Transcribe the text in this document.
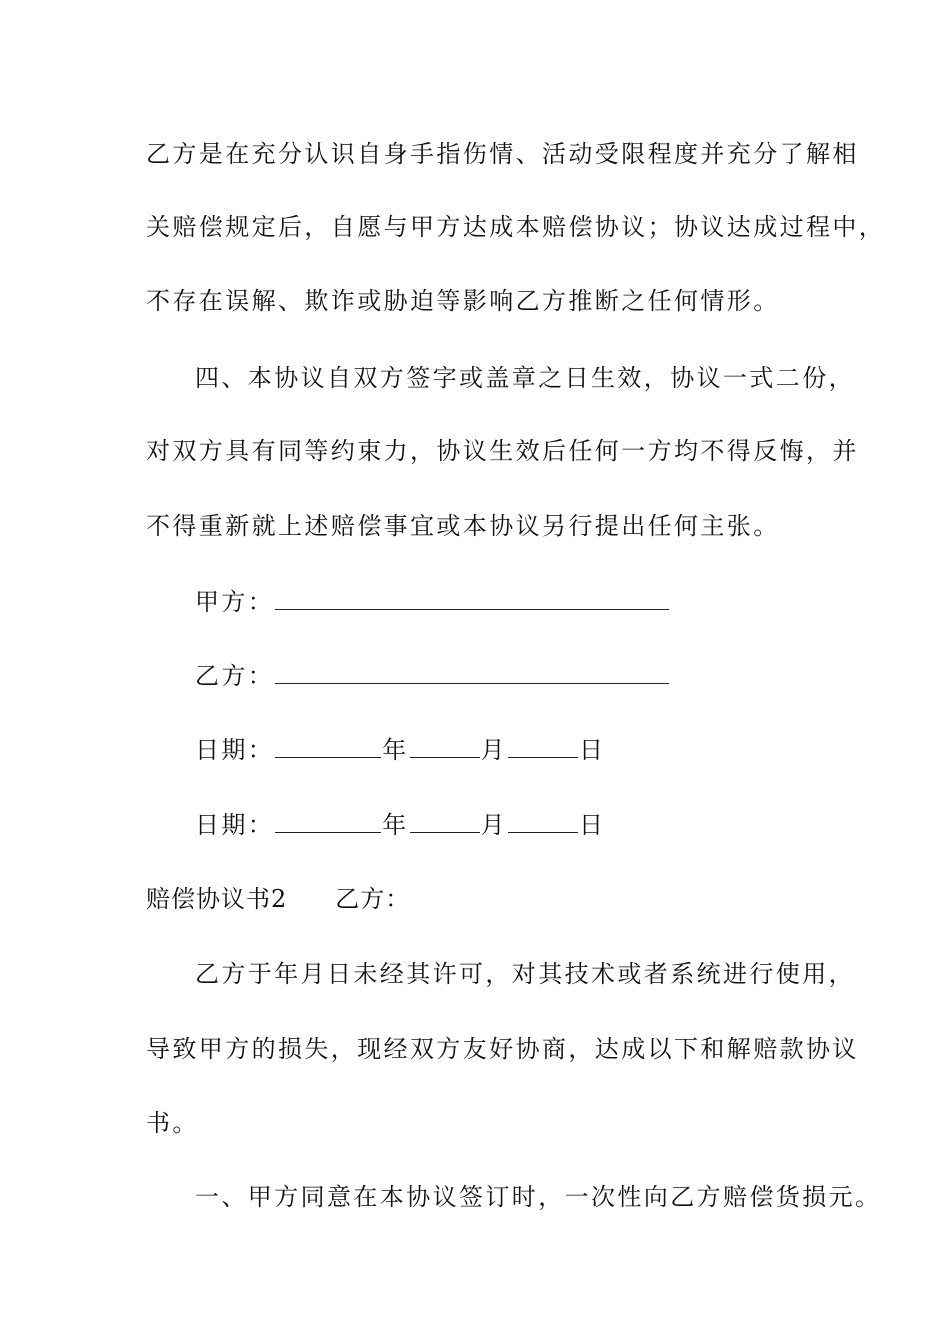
乙方是在充分认识自身手指伤情、活动受限程度并充分了解相
关赔偿规定后，自愿与甲方达成本赔偿协议；协议达成过程中，
不存在误解、欺诈或胁迫等影响乙方推断之任何情形。
四、本协议自双方签字或盖章之日生效，协议一式二份，
对双方具有同等约束力，协议生效后任何一方均不得反悔，并
不得重新就上述赔偿事宜或本协议另行提出任何主张。
甲方：
乙方：
日期：	年	月	日
日期：	年	月	日
赔偿协议书2 乙方：
乙方于年月日未经其许可，对其技术或者系统进行使用，
导致甲方的损失，现经双方友好协商，达成以下和解赔款协议
书。
一、甲方同意在本协议签订时，一次性向乙方赔偿货损元。
